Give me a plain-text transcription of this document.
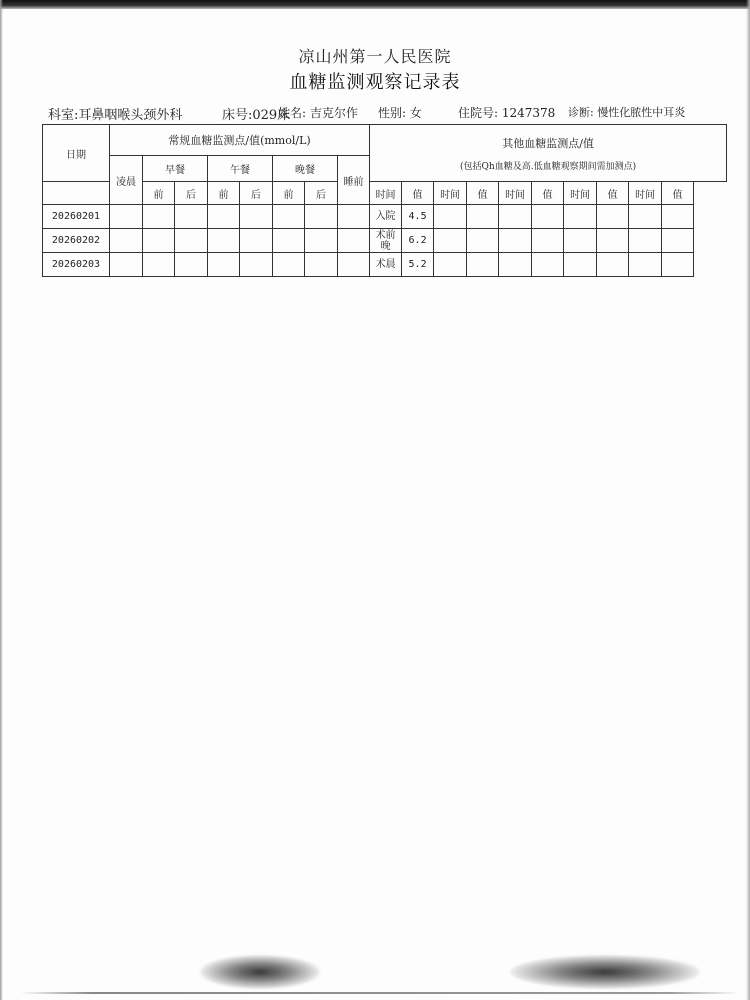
凉山州第一人民医院
血糖监测观察记录表
科室:耳鼻咽喉头颈外科	床号:029床
姓名: 吉克尔作 性别: 女	住院号: 1247378 诊断: 慢性化脓性中耳炎
日期	常规血糖监测点/值(mmol/L)								其他血糖监测点/值
(包括Qh血糖及高.低血糖观察期间需加测点)									

	凌晨	早餐		午餐		晚餐		睡前										
		前	后	前	后	前	后		时间	值	时间	值	时间	值	时间	值	时间	值
20260201									入院	4.5								
20260202									术前晚	6.2								
20260203									术晨	5.2								
